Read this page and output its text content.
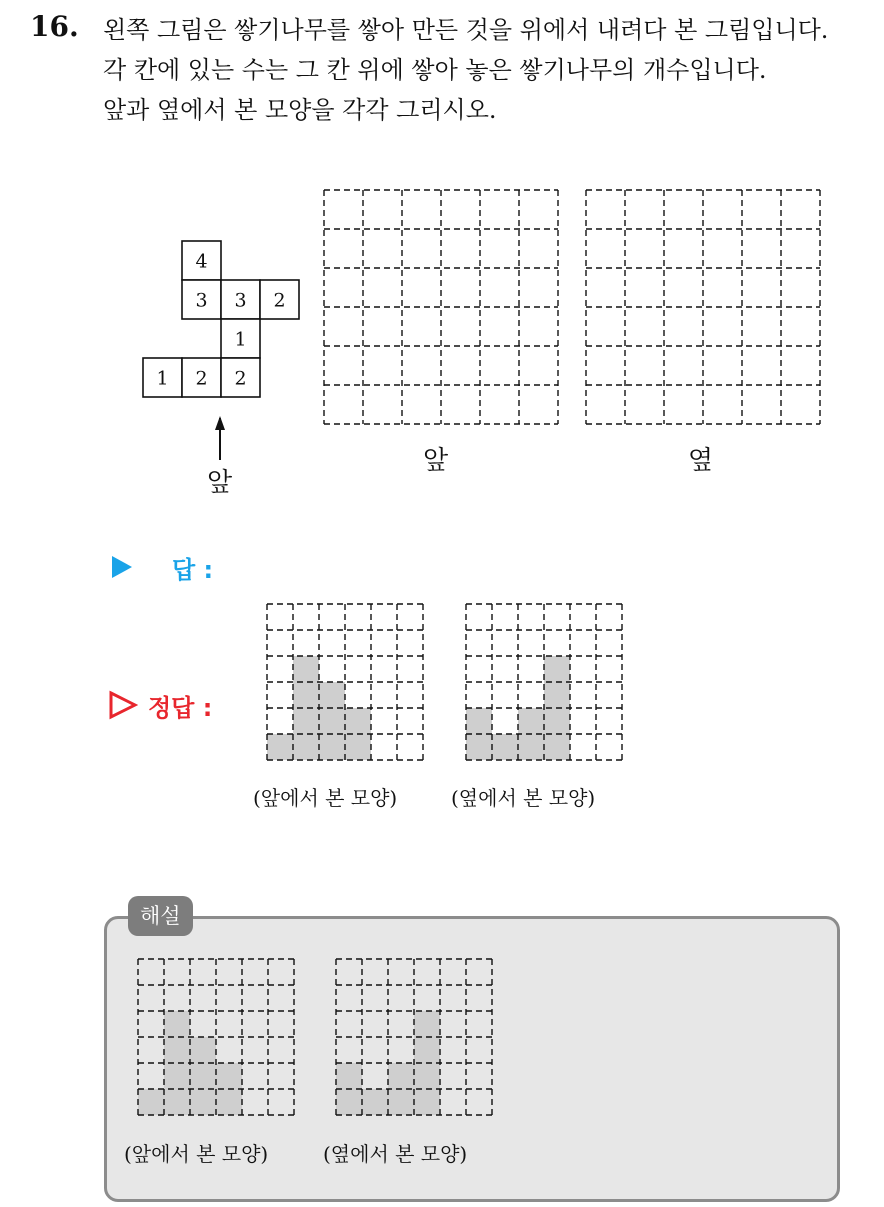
16. 왼쪽 그림은 쌓기나무를 쌓아 만든 것을 위에서 내려다 본 그림입니다.
각 칸에 있는 수는 그 칸 위에 쌓아 놓은 쌓기나무의 개수입니다.
앞과 옆에서 본 모양을 각각 그리시오.
4
3 3 2
1
1 2 2
앞
앞	옆
답 :
정답 :
(앞에서 본 모양)	(옆에서 본 모양)
해설
(앞에서 본 모양)	(옆에서 본 모양)
